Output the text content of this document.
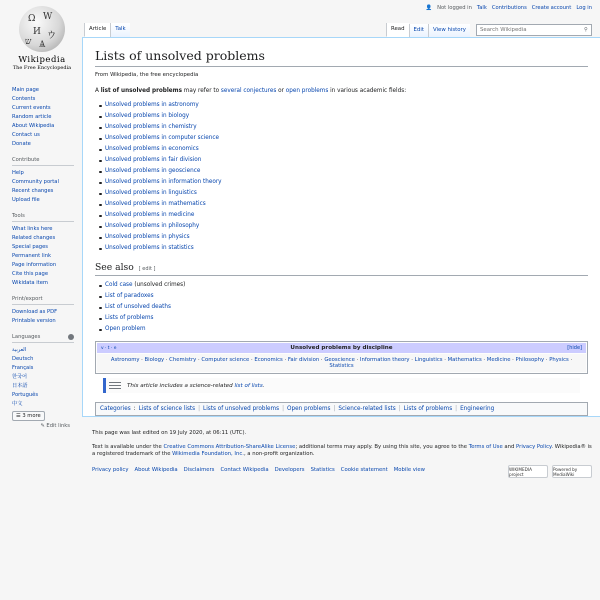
Ω W
И ウ
ש Ѧ
Wikipedia
The Free Encyclopedia
👤 Not logged in Talk Contributions Create account Log in
Article	Talk	Read	Edit	View history
Search Wikipedia	⚲
Main page
Contents
Current events
Random article
About Wikipedia
Contact us
Donate
Contribute
Help
Community portal
Recent changes
Upload file
Tools
What links here
Related changes
Special pages
Permanent link
Page information
Cite this page
Wikidata item
Print/export
Download as PDF
Printable version
Languages
العربية
Deutsch
Français
한국어
日本語
Português
中文
☰ 3 more
✎ Edit links
Lists of unsolved problems
From Wikipedia, the free encyclopedia

A list of unsolved problems may refer to several conjectures or open problems in various academic fields:

Unsolved problems in astronomy
Unsolved problems in biology
Unsolved problems in chemistry
Unsolved problems in computer science
Unsolved problems in economics
Unsolved problems in fair division
Unsolved problems in geoscience
Unsolved problems in information theory
Unsolved problems in linguistics
Unsolved problems in mathematics
Unsolved problems in medicine
Unsolved problems in philosophy
Unsolved problems in physics
Unsolved problems in statistics
See also [ edit ]
Cold case (unsolved crimes)
List of paradoxes
List of unsolved deaths
Lists of problems
Open problem
v · t · e	Unsolved problems by discipline	[hide]
Astronomy · Biology · Chemistry · Computer science · Economics · Fair division · Geoscience · Information theory · Linguistics · Mathematics · Medicine · Philosophy · Physics · Statistics
This article includes a science-related list of lists.
Categories : Lists of science lists | Lists of unsolved problems | Open problems | Science-related lists | Lists of problems | Engineering

This page was last edited on 19 July 2020, at 06:11 (UTC).

Text is available under the Creative Commons Attribution-ShareAlike License; additional terms may apply. By using this site, you agree to the Terms of Use and Privacy Policy. Wikipedia® is a registered trademark of the Wikimedia Foundation, Inc., a non-profit organization.

Privacy policy About Wikipedia Disclaimers Contact Wikipedia Developers Statistics Cookie statement Mobile view	WIKIMEDIA project
Powered by MediaWiki
